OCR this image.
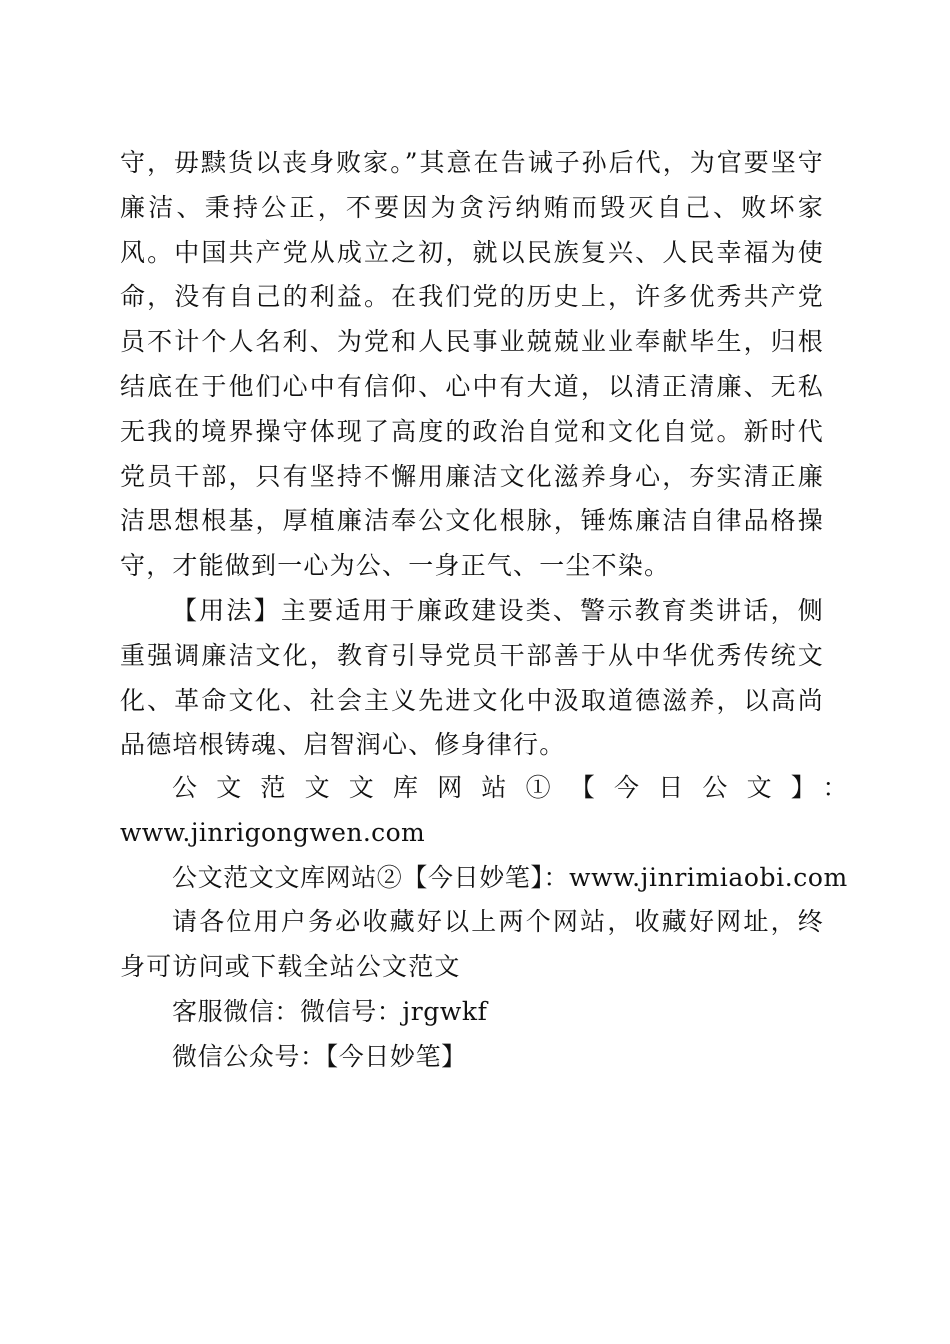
守，毋黩货以丧身败家。”其意在告诫子孙后代，为官要坚守廉洁、秉持公正，不要因为贪污纳贿而毁灭自己、败坏家风。中国共产党从成立之初，就以民族复兴、人民幸福为使命，没有自己的利益。在我们党的历史上，许多优秀共产党员不计个人名利、为党和人民事业兢兢业业奉献毕生，归根结底在于他们心中有信仰、心中有大道，以清正清廉、无私无我的境界操守体现了高度的政治自觉和文化自觉。新时代党员干部，只有坚持不懈用廉洁文化滋养身心，夯实清正廉洁思想根基，厚植廉洁奉公文化根脉，锤炼廉洁自律品格操守，才能做到一心为公、一身正气、一尘不染。

【用法】主要适用于廉政建设类、警示教育类讲话，侧重强调廉洁文化，教育引导党员干部善于从中华优秀传统文化、革命文化、社会主义先进文化中汲取道德滋养，以高尚品德培根铸魂、启智润心、修身律行。

公文范文文库网站①【今日公文】：

www.jinrigongwen.com

公文范文文库网站②【今日妙笔】：www.jinrimiaobi.com

请各位用户务必收藏好以上两个网站，收藏好网址，终身可访问或下载全站公文范文

客服微信：微信号：jrgwkf

微信公众号：【今日妙笔】
